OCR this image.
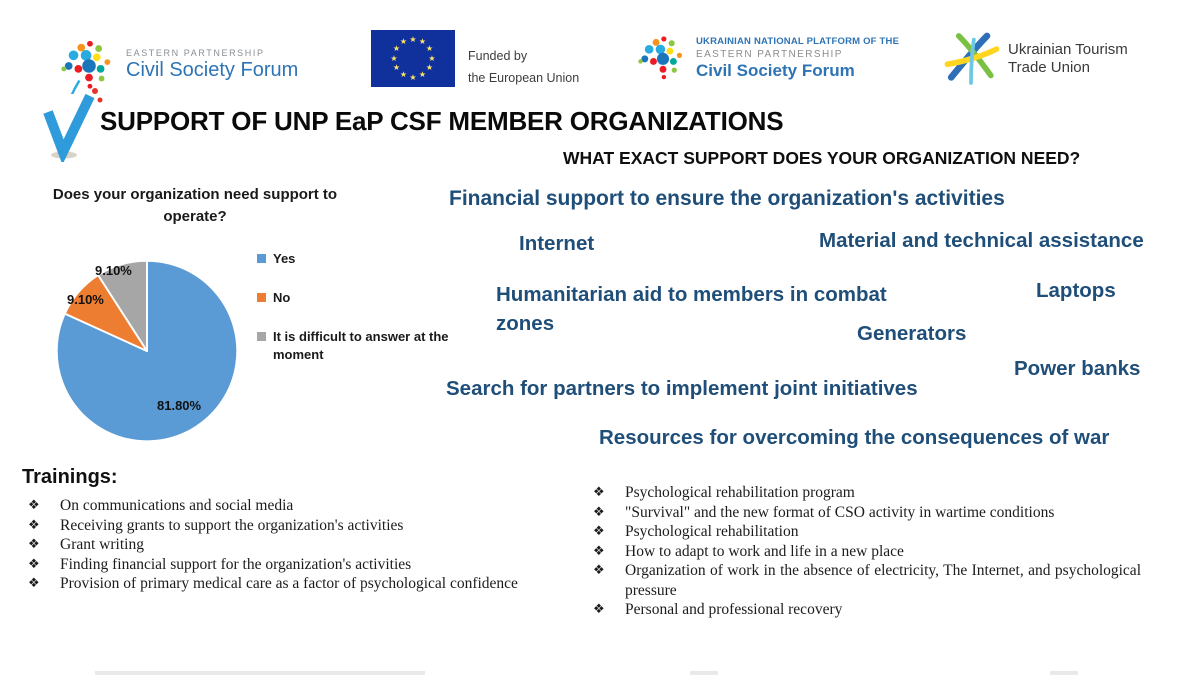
EASTERN PARTNERSHIP
Civil Society Forum
★ ★
★
★
★
★
★
★
★
★
★
★
Funded by
the European Union
UKRAINIAN NATIONAL PLATFORM OF THE
EASTERN PARTNERSHIP
Civil Society Forum
Ukrainian Tourism
Trade Union
SUPPORT OF UNP EaP CSF MEMBER ORGANIZATIONS
Does your organization need support to operate?
9.10%
9.10%
81.80%
Yes
No
It is difficult to answer at the moment
WHAT EXACT SUPPORT DOES YOUR ORGANIZATION NEED?
Financial support to ensure the organization's activities
Internet	Material and technical assistance
Humanitarian aid to members in combat zones
Laptops
Generators
Power banks
Search for partners to implement joint initiatives
Resources for overcoming the consequences of war
Trainings:
❖ On communications and social media
❖ Receiving grants to support the organization's activities
❖ Grant writing
❖ Finding financial support for the organization's activities
❖ Provision of primary medical care as a factor of psychological confidence
❖ Psychological rehabilitation program
❖ "Survival" and the new format of CSO activity in wartime conditions
❖ Psychological rehabilitation
❖ How to adapt to work and life in a new place
❖ Organization of work in the absence of electricity, The Internet, and psychological pressure
❖ Personal and professional recovery
